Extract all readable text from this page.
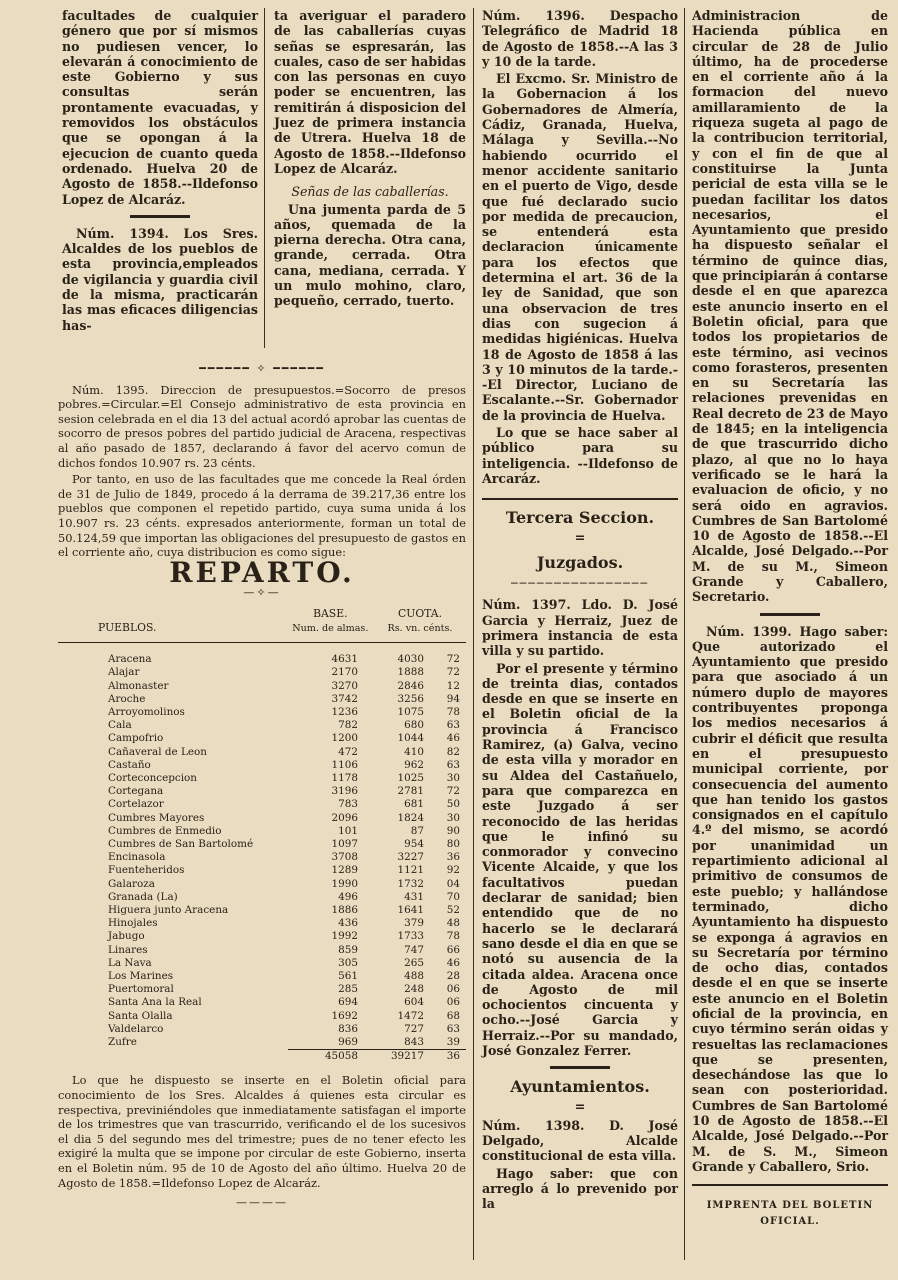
facultades de cualquier género que por sí mismos no pudiesen vencer, lo elevarán á conocimiento de este Gobierno y sus consultas serán prontamente evacuadas, y removidos los obstáculos que se opongan á la ejecucion de cuanto queda ordenado. Huelva 20 de Agosto de 1858.--Ildefonso Lopez de Alcaráz.

Núm. 1394. Los Sres. Alcaldes de los pueblos de esta provincia,empleados de vigilancia y guardia civil de la misma, practicarán las mas eficaces diligencias has-

ta averiguar el paradero de las caballerías cuyas señas se espresarán, las cuales, caso de ser habidas con las personas en cuyo poder se encuentren, las remitirán á disposicion del Juez de primera instancia de Utrera. Huelva 18 de Agosto de 1858.--Ildefonso Lopez de Alcaráz.

Señas de las caballerías.

Una jumenta parda de 5 años, quemada de la pierna derecha. Otra cana, grande, cerrada. Otra cana, mediana, cerrada. Y un mulo mohino, claro, pequeño, cerrado, tuerto.

━━━━━━ ✧ ━━━━━━

Núm. 1395. Direccion de presupuestos.=Socorro de presos pobres.=Circular.=El Consejo administrativo de esta provincia en sesion celebrada en el dia 13 del actual acordó aprobar las cuentas de socorro de presos pobres del partido judicial de Aracena, respectivas al año pasado de 1857, declarando á favor del acervo comun de dichos fondos 10.907 rs. 23 cénts.

Por tanto, en uso de las facultades que me concede la Real órden de 31 de Julio de 1849, procedo á la derrama de 39.217,36 entre los pueblos que componen el repetido partido, cuya suma unida á los 10.907 rs. 23 cénts. expresados anteriormente, forman un total de 50.124,59 que importan las obligaciones del presupuesto de gastos en el corriente año, cuya distribucion es como sigue:

REPARTO.
—✧—
PUEBLOS.
BASE.
Num. de almas.
CUOTA.
Rs. vn. cénts.
Aracena	4631	4030	72
Alajar	2170	1888	72
Almonaster	3270	2846	12
Aroche	3742	3256	94
Arroyomolinos	1236	1075	78
Cala	782	680	63
Campofrio	1200	1044	46
Cañaveral de Leon	472	410	82
Castaño	1106	962	63
Corteconcepcion	1178	1025	30
Cortegana	3196	2781	72
Cortelazor	783	681	50
Cumbres Mayores	2096	1824	30
Cumbres de Enmedio	101	87	90
Cumbres de San Bartolomé	1097	954	80
Encinasola	3708	3227	36
Fuenteheridos	1289	1121	92
Galaroza	1990	1732	04
Granada (La)	496	431	70
Higuera junto Aracena	1886	1641	52
Hinojales	436	379	48
Jabugo	1992	1733	78
Linares	859	747	66
La Nava	305	265	46
Los Marines	561	488	28
Puertomoral	285	248	06
Santa Ana la Real	694	604	06
Santa Olalla	1692	1472	68
Valdelarco	836	727	63
Zufre	969	843	39
	45058	39217	36

Lo que he dispuesto se inserte en el Boletin oficial para conocimiento de los Sres. Alcaldes á quienes esta circular es respectiva, previniéndoles que inmediatamente satisfagan el importe de los trimestres que van trascurrido, verificando el de los sucesivos el dia 5 del segundo mes del trimestre; pues de no tener efecto les exigiré la multa que se impone por circular de este Gobierno, inserta en el Boletin núm. 95 de 10 de Agosto del año último. Huelva 20 de Agosto de 1858.=Ildefonso Lopez de Alcaráz.

————

Núm. 1396. Despacho Telegráfico de Madrid 18 de Agosto de 1858.--A las 3 y 10 de la tarde.

El Excmo. Sr. Ministro de la Gobernacion á los Gobernadores de Almería, Cádiz, Granada, Huelva, Málaga y Sevilla.--No habiendo ocurrido el menor accidente sanitario en el puerto de Vigo, desde que fué declarado sucio por medida de precaucion, se entenderá esta declaracion únicamente para los efectos que determina el art. 36 de la ley de Sanidad, que son una observacion de tres dias con sugecion á medidas higiénicas. Huelva 18 de Agosto de 1858 á las 3 y 10 minutos de la tarde.--El Director, Luciano de Escalante.--Sr. Gobernador de la provincia de Huelva.

Lo que se hace saber al público para su inteligencia. --Ildefonso de Arcaráz.

Tercera Seccion.
=
Juzgados.
────────────────

Núm. 1397. Ldo. D. José Garcia y Herraiz, Juez de primera instancia de esta villa y su partido.

Por el presente y término de treinta dias, contados desde en que se inserte en el Boletin oficial de la provincia á Francisco Ramirez, (a) Galva, vecino de esta villa y morador en su Aldea del Castañuelo, para que comparezca en este Juzgado á ser reconocido de las heridas que le infinó su conmorador y convecino Vicente Alcaide, y que los facultativos puedan declarar de sanidad; bien entendido que de no hacerlo se le declarará sano desde el dia en que se notó su ausencia de la citada aldea. Aracena once de Agosto de mil ochocientos cincuenta y ocho.--José Garcia y Herraiz.--Por su mandado, José Gonzalez Ferrer.

Ayuntamientos.
=

Núm. 1398. D. José Delgado, Alcalde constitucional de esta villa.

Hago saber: que con arreglo á lo prevenido por la

Administracion de Hacienda pública en circular de 28 de Julio último, ha de procederse en el corriente año á la formacion del nuevo amillaramiento de la riqueza sugeta al pago de la contribucion territorial, y con el fin de que al constituirse la Junta pericial de esta villa se le puedan facilitar los datos necesarios, el Ayuntamiento que presido ha dispuesto señalar el término de quince dias, que principiarán á contarse desde el en que aparezca este anuncio inserto en el Boletin oficial, para que todos los propietarios de este término, asi vecinos como forasteros, presenten en su Secretaría las relaciones prevenidas en Real decreto de 23 de Mayo de 1845; en la inteligencia de que trascurrido dicho plazo, al que no lo haya verificado se le hará la evaluacion de oficio, y no será oido en agravios. Cumbres de San Bartolomé 10 de Agosto de 1858.--El Alcalde, José Delgado.--Por M. de su M., Simeon Grande y Caballero, Secretario.

Núm. 1399. Hago saber: Que autorizado el Ayuntamiento que presido para que asociado á un número duplo de mayores contribuyentes proponga los medios necesarios á cubrir el déficit que resulta en el presupuesto municipal corriente, por consecuencia del aumento que han tenido los gastos consignados en el capítulo 4.º del mismo, se acordó por unanimidad un repartimiento adicional al primitivo de consumos de este pueblo; y hallándose terminado, dicho Ayuntamiento ha dispuesto se exponga á agravios en su Secretaría por término de ocho dias, contados desde el en que se inserte este anuncio en el Boletin oficial de la provincia, en cuyo término serán oidas y resueltas las reclamaciones que se presenten, desechándose las que lo sean con posterioridad. Cumbres de San Bartolomé 10 de Agosto de 1858.--El Alcalde, José Delgado.--Por M. de S. M., Simeon Grande y Caballero, Srio.

IMPRENTA DEL BOLETIN OFICIAL.
